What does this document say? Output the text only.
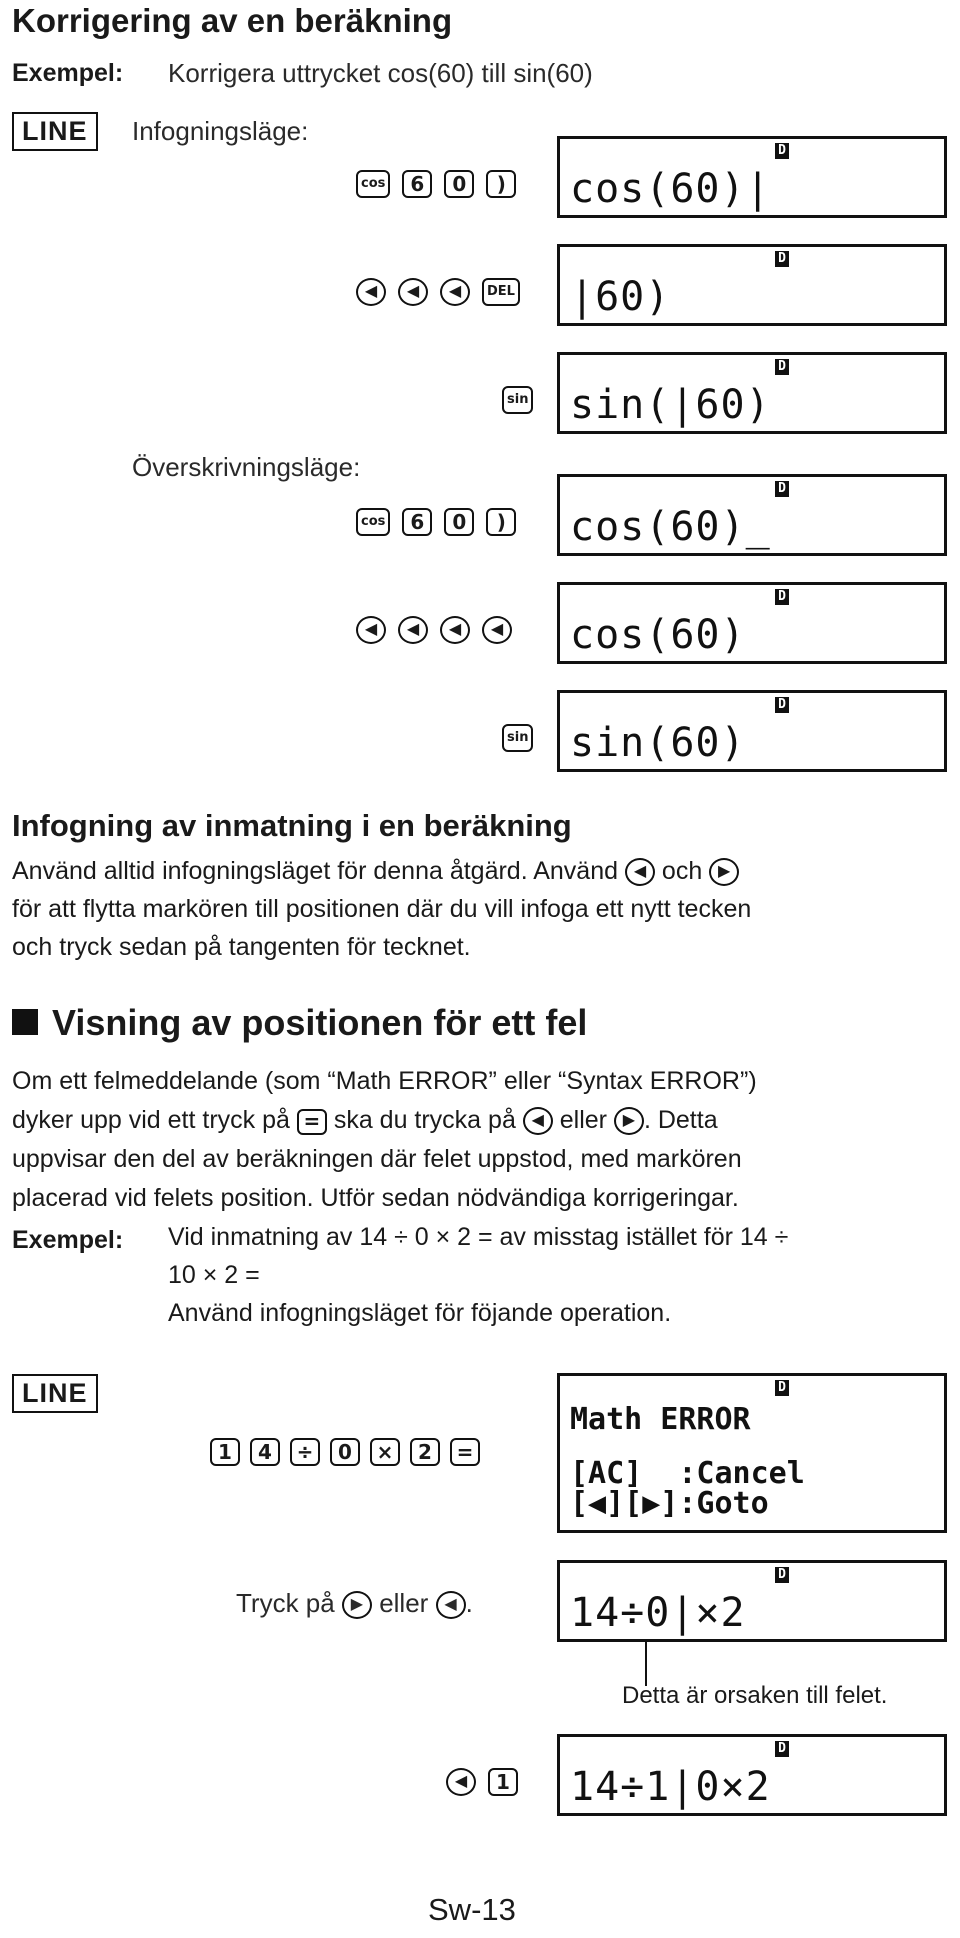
Korrigering av en beräkning
Exempel: Korrigera uttrycket cos(60) till sin(60)
LINE	Infogningsläge:
cos	6	0	)
D
cos(60)|
◀	◀	◀	DEL
D
|60)
sin
D
sin(|60)
Överskrivningsläge:
cos	6	0	)
D
cos(60)_
◀	◀	◀	◀
D
cos(60)
sin
D
sin(60)
Infogning av inmatning i en beräkning
Använd alltid infogningsläget för denna åtgärd. Använd ◀ och ▶
för att flytta markören till positionen där du vill infoga ett nytt tecken
och tryck sedan på tangenten för tecknet.
Visning av positionen för ett fel
Om ett felmeddelande (som “Math ERROR” eller “Syntax ERROR”)
dyker upp vid ett tryck på = ska du trycka på ◀ eller ▶ . Detta
uppvisar den del av beräkningen där felet uppstod, med markören
placerad vid felets position. Utför sedan nödvändiga korrigeringar.
Exempel: Vid inmatning av 14 ÷ 0 × 2 = av misstag istället för 14 ÷
10 × 2 =
Använd infogningsläget för föjande operation.
LINE
1	4	÷	0	×	2	=
D
Math ERROR
[AC]  :Cancel
[◀][▶]:Goto
Tryck på ▶ eller ◀ .
D
14÷0|×2
Detta är orsaken till felet.
◀	1
D
14÷1|0×2
Sw-13
